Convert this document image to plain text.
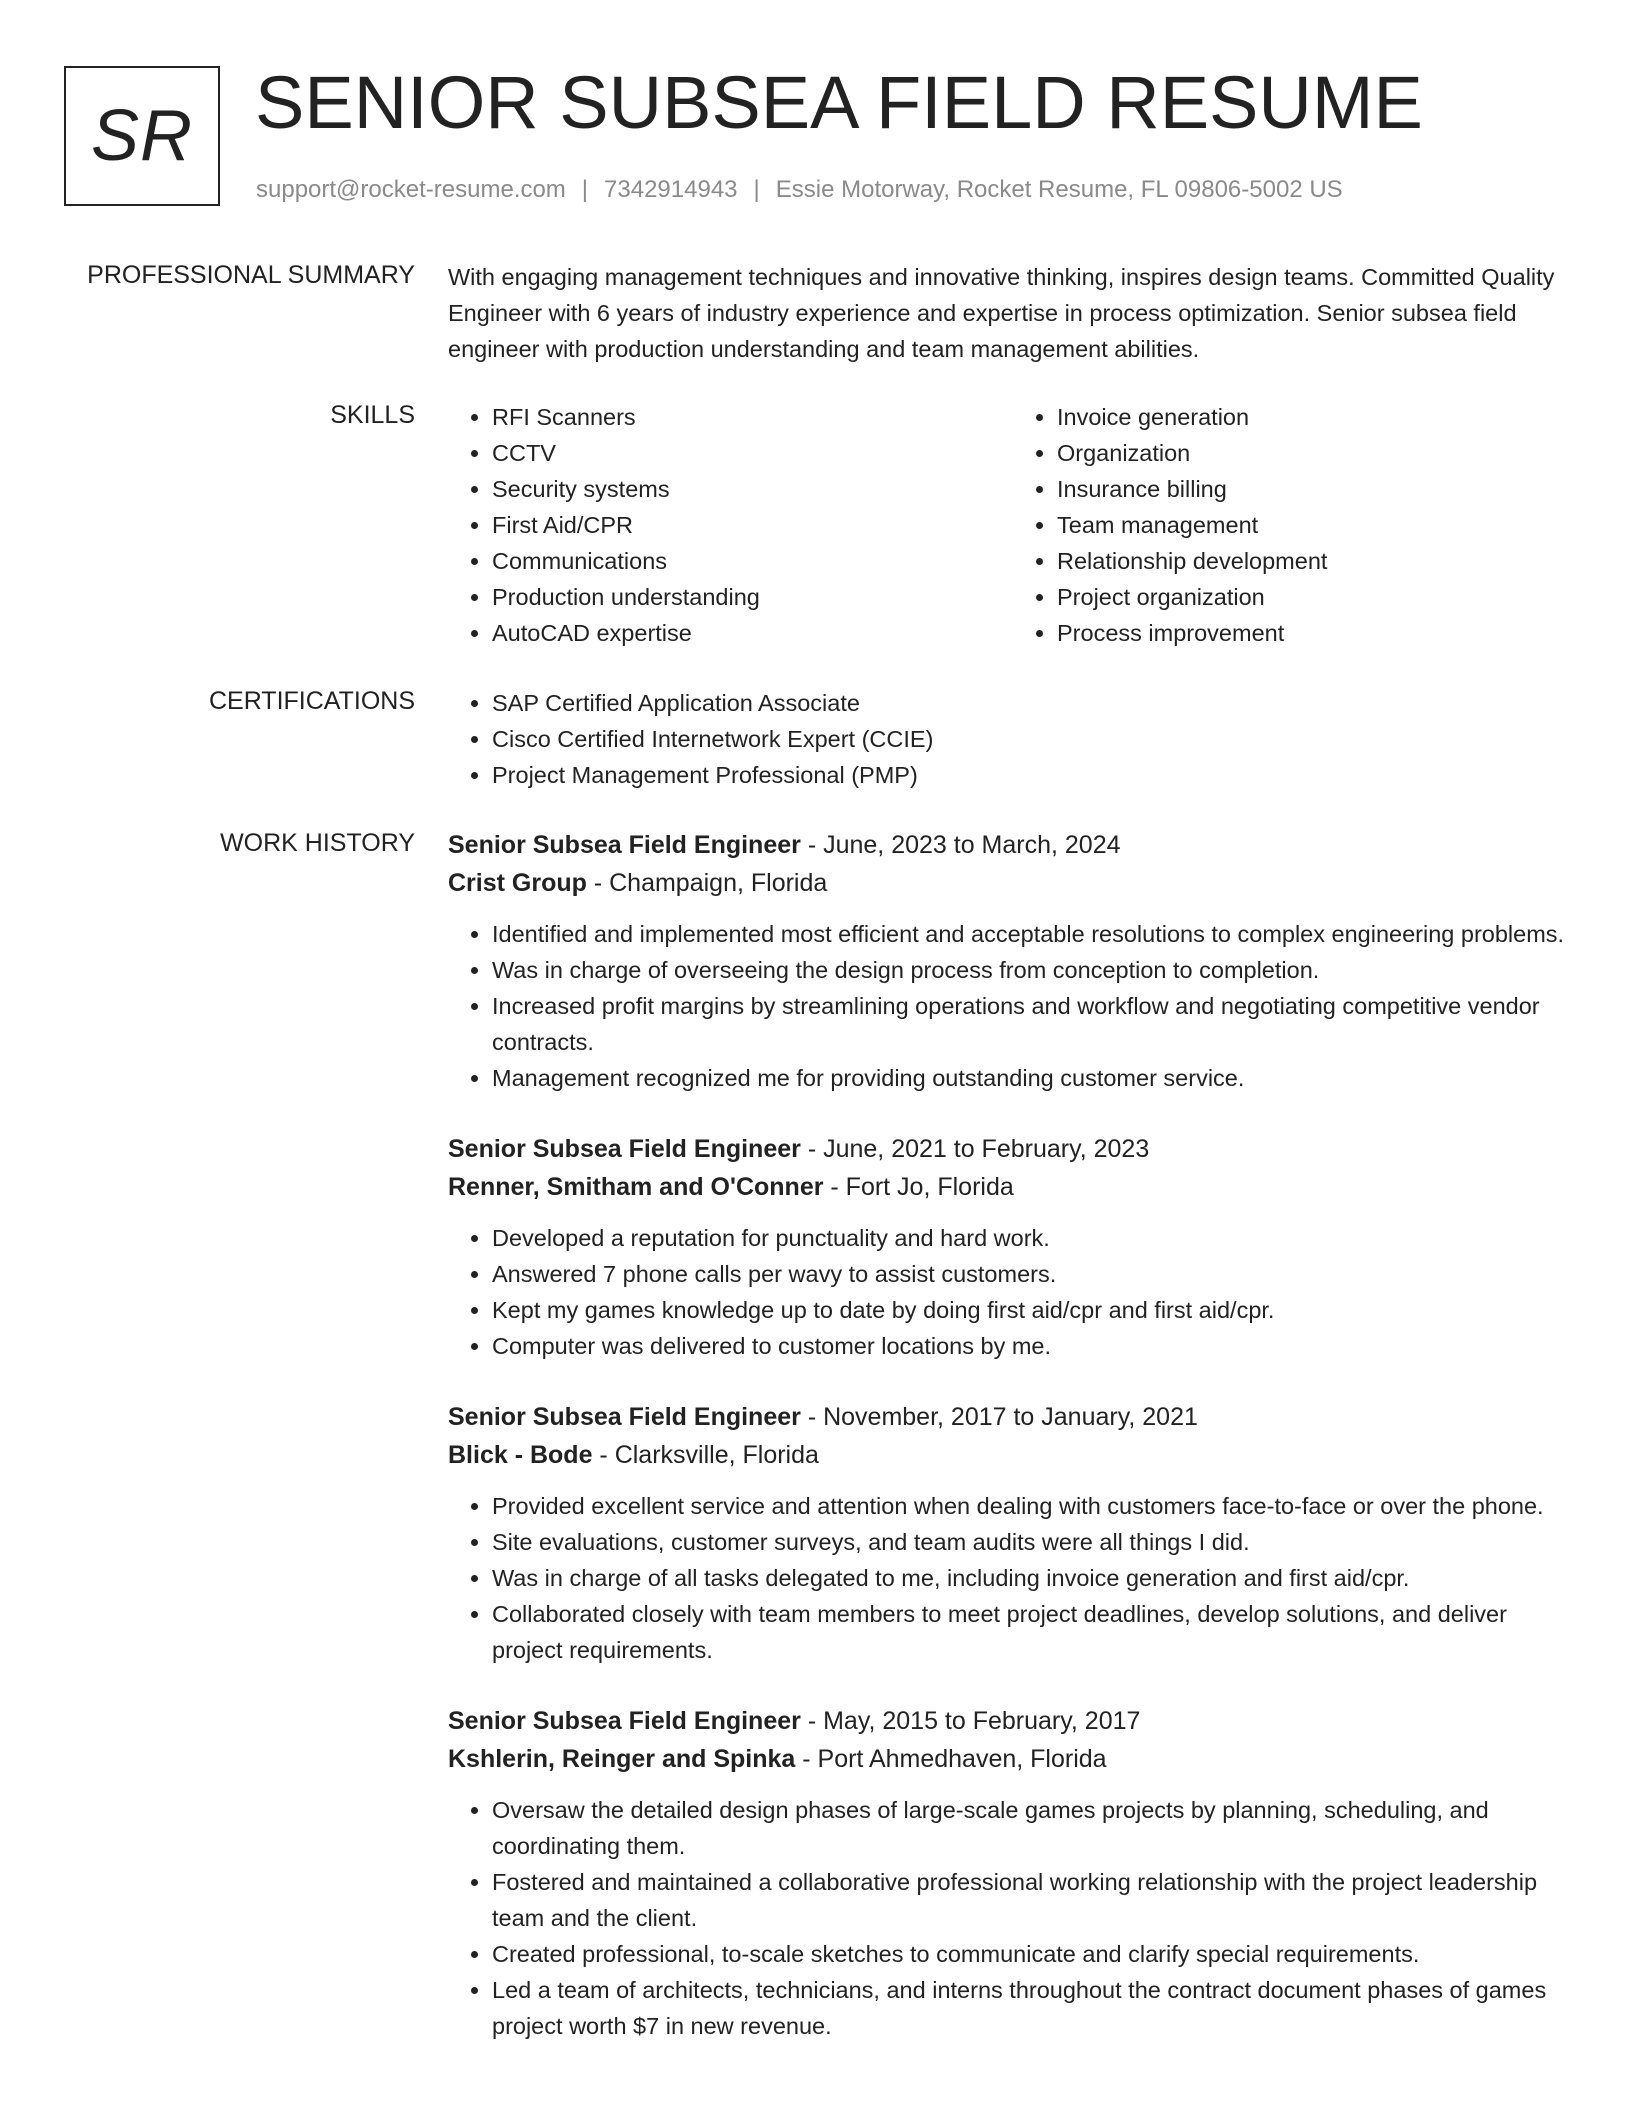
SR SENIOR SUBSEA FIELD RESUME
support@rocket-resume.com | 7342914943 | Essie Motorway, Rocket Resume, FL 09806-5002 US
PROFESSIONAL SUMMARY With engaging management techniques and innovative thinking, inspires design teams. Committed Quality Engineer with 6 years of industry experience and expertise in process optimization. Senior subsea field engineer with production understanding and team management abilities.
SKILLS	• RFI Scanners
• CCTV
• Security systems
• First Aid/CPR
• Communications
• Production understanding
• AutoCAD expertise
• Invoice generation
• Organization
• Insurance billing
• Team management
• Relationship development
• Project organization
• Process improvement
CERTIFICATIONS	• SAP Certified Application Associate
• Cisco Certified Internetwork Expert (CCIE)
• Project Management Professional (PMP)
WORK HISTORY Senior Subsea Field Engineer - June, 2023 to March, 2024
Crist Group - Champaign, Florida
• Identified and implemented most efficient and acceptable resolutions to complex engineering problems.
• Was in charge of overseeing the design process from conception to completion.
• Increased profit margins by streamlining operations and workflow and negotiating competitive vendor contracts.
• Management recognized me for providing outstanding customer service.
Senior Subsea Field Engineer - June, 2021 to February, 2023
Renner, Smitham and O'Conner - Fort Jo, Florida
• Developed a reputation for punctuality and hard work.
• Answered 7 phone calls per wavy to assist customers.
• Kept my games knowledge up to date by doing first aid/cpr and first aid/cpr.
• Computer was delivered to customer locations by me.
Senior Subsea Field Engineer - November, 2017 to January, 2021
Blick - Bode - Clarksville, Florida
• Provided excellent service and attention when dealing with customers face-to-face or over the phone.
• Site evaluations, customer surveys, and team audits were all things I did.
• Was in charge of all tasks delegated to me, including invoice generation and first aid/cpr.
• Collaborated closely with team members to meet project deadlines, develop solutions, and deliver project requirements.
Senior Subsea Field Engineer - May, 2015 to February, 2017
Kshlerin, Reinger and Spinka - Port Ahmedhaven, Florida
• Oversaw the detailed design phases of large-scale games projects by planning, scheduling, and coordinating them.
• Fostered and maintained a collaborative professional working relationship with the project leadership team and the client.
• Created professional, to-scale sketches to communicate and clarify special requirements.
• Led a team of architects, technicians, and interns throughout the contract document phases of games project worth $7 in new revenue.
